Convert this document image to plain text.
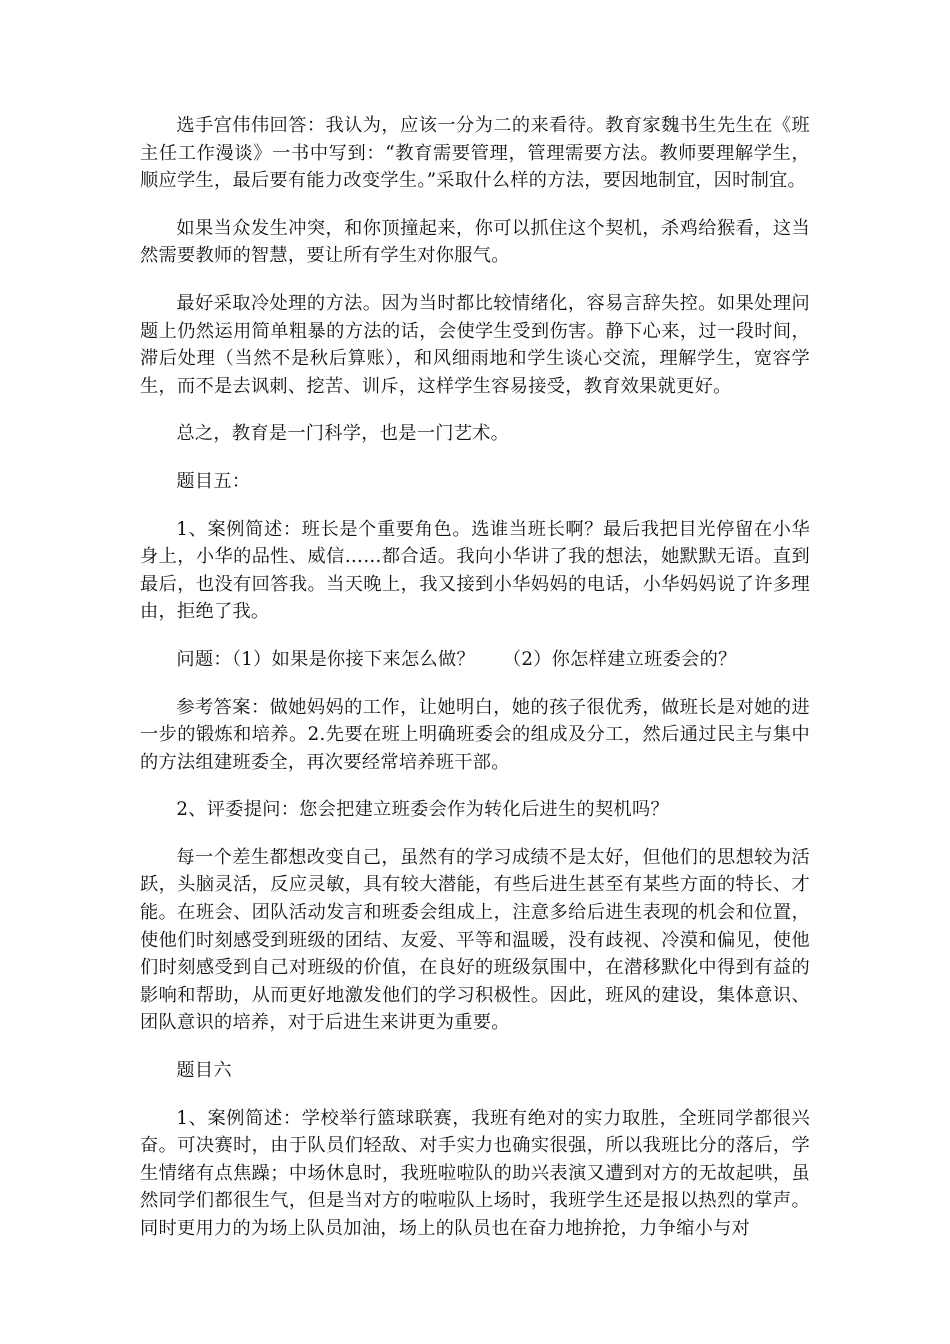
选手宫伟伟回答：我认为，应该一分为二的来看待。教育家魏书生先生在《班主任工作漫谈》一书中写到：“教育需要管理，管理需要方法。教师要理解学生，顺应学生，最后要有能力改变学生。”采取什么样的方法，要因地制宜，因时制宜。

如果当众发生冲突，和你顶撞起来，你可以抓住这个契机，杀鸡给猴看，这当然需要教师的智慧，要让所有学生对你服气。

最好采取冷处理的方法。因为当时都比较情绪化，容易言辞失控。如果处理问题上仍然运用简单粗暴的方法的话，会使学生受到伤害。静下心来，过一段时间，滞后处理（当然不是秋后算账），和风细雨地和学生谈心交流，理解学生，宽容学生，而不是去讽刺、挖苦、训斥，这样学生容易接受，教育效果就更好。

总之，教育是一门科学，也是一门艺术。

题目五：

1、案例简述：班长是个重要角色。选谁当班长啊？最后我把目光停留在小华身上，小华的品性、威信……都合适。我向小华讲了我的想法，她默默无语。直到最后，也没有回答我。当天晚上，我又接到小华妈妈的电话，小华妈妈说了许多理由，拒绝了我。

问题：（1）如果是你接下来怎么做？　　（2）你怎样建立班委会的？

参考答案：做她妈妈的工作，让她明白，她的孩子很优秀，做班长是对她的进一步的锻炼和培养。2.先要在班上明确班委会的组成及分工，然后通过民主与集中的方法组建班委全，再次要经常培养班干部。

2、评委提问：您会把建立班委会作为转化后进生的契机吗？

每一个差生都想改变自己，虽然有的学习成绩不是太好，但他们的思想较为活跃，头脑灵活，反应灵敏，具有较大潜能，有些后进生甚至有某些方面的特长、才能。在班会、团队活动发言和班委会组成上，注意多给后进生表现的机会和位置，使他们时刻感受到班级的团结、友爱、平等和温暖，没有歧视、冷漠和偏见，使他们时刻感受到自己对班级的价值，在良好的班级氛围中，在潜移默化中得到有益的影响和帮助，从而更好地激发他们的学习积极性。因此，班风的建设，集体意识、团队意识的培养，对于后进生来讲更为重要。

题目六

1、案例简述：学校举行篮球联赛，我班有绝对的实力取胜，全班同学都很兴奋。可决赛时，由于队员们轻敌、对手实力也确实很强，所以我班比分的落后，学生情绪有点焦躁；中场休息时，我班啦啦队的助兴表演又遭到对方的无故起哄，虽然同学们都很生气，但是当对方的啦啦队上场时，我班学生还是报以热烈的掌声。同时更用力的为场上队员加油，场上的队员也在奋力地拚抢，力争缩小与对
